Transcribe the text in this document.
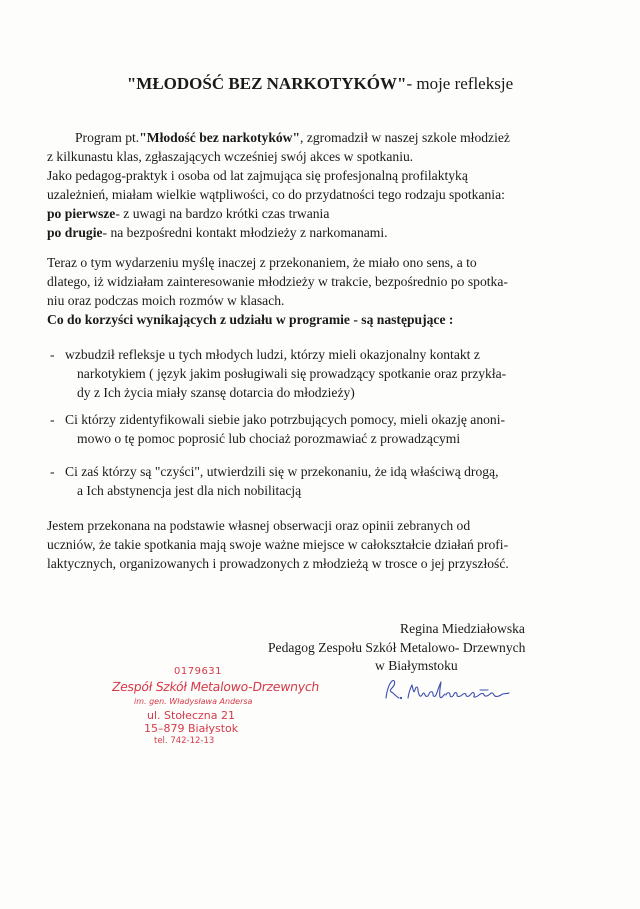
"MŁODOŚĆ BEZ NARKOTYKÓW"- moje refleksje
Program pt."Młodość bez narkotyków", zgromadził w naszej szkole młodzież
z kilkunastu klas, zgłaszających wcześniej swój akces w spotkaniu.
Jako pedagog-praktyk i osoba od lat zajmująca się profesjonalną profilaktyką
uzależnień, miałam wielkie wątpliwości, co do przydatności tego rodzaju spotkania:
po pierwsze- z uwagi na bardzo krótki czas trwania
po drugie- na bezpośredni kontakt młodzieży z narkomanami.
Teraz o tym wydarzeniu myślę inaczej z przekonaniem, że miało ono sens, a to
dlatego, iż widziałam zainteresowanie młodzieży w trakcie, bezpośrednio po spotka-
niu oraz podczas moich rozmów w klasach.
Co do korzyści wynikających z udziału w programie - są następujące :
- wzbudził refleksje u tych młodych ludzi, którzy mieli okazjonalny kontakt z
narkotykiem ( język jakim posługiwali się prowadzący spotkanie oraz przykła-
dy z Ich życia miały szansę dotarcia do młodzieży)
- Ci którzy zidentyfikowali siebie jako potrzbujących pomocy, mieli okazję anoni-
mowo o tę pomoc poprosić lub chociaż porozmawiać z prowadzącymi
- Ci zaś którzy są "czyści", utwierdzili się w przekonaniu, że idą właściwą drogą,
a Ich abstynencja jest dla nich nobilitacją
Jestem przekonana na podstawie własnej obserwacji oraz opinii zebranych od
uczniów, że takie spotkania mają swoje ważne miejsce w całokształcie działań profi-
laktycznych, organizowanych i prowadzonych z młodzieżą w trosce o jej przyszłość.
Regina Miedziałowska
Pedagog Zespołu Szkół Metalowo- Drzewnych
w Białymstoku
0179631
Zespół Szkół Metalowo-Drzewnych
im. gen. Władysława Andersa
ul. Stołeczna 21
15–879 Białystok
tel. 742-12-13
